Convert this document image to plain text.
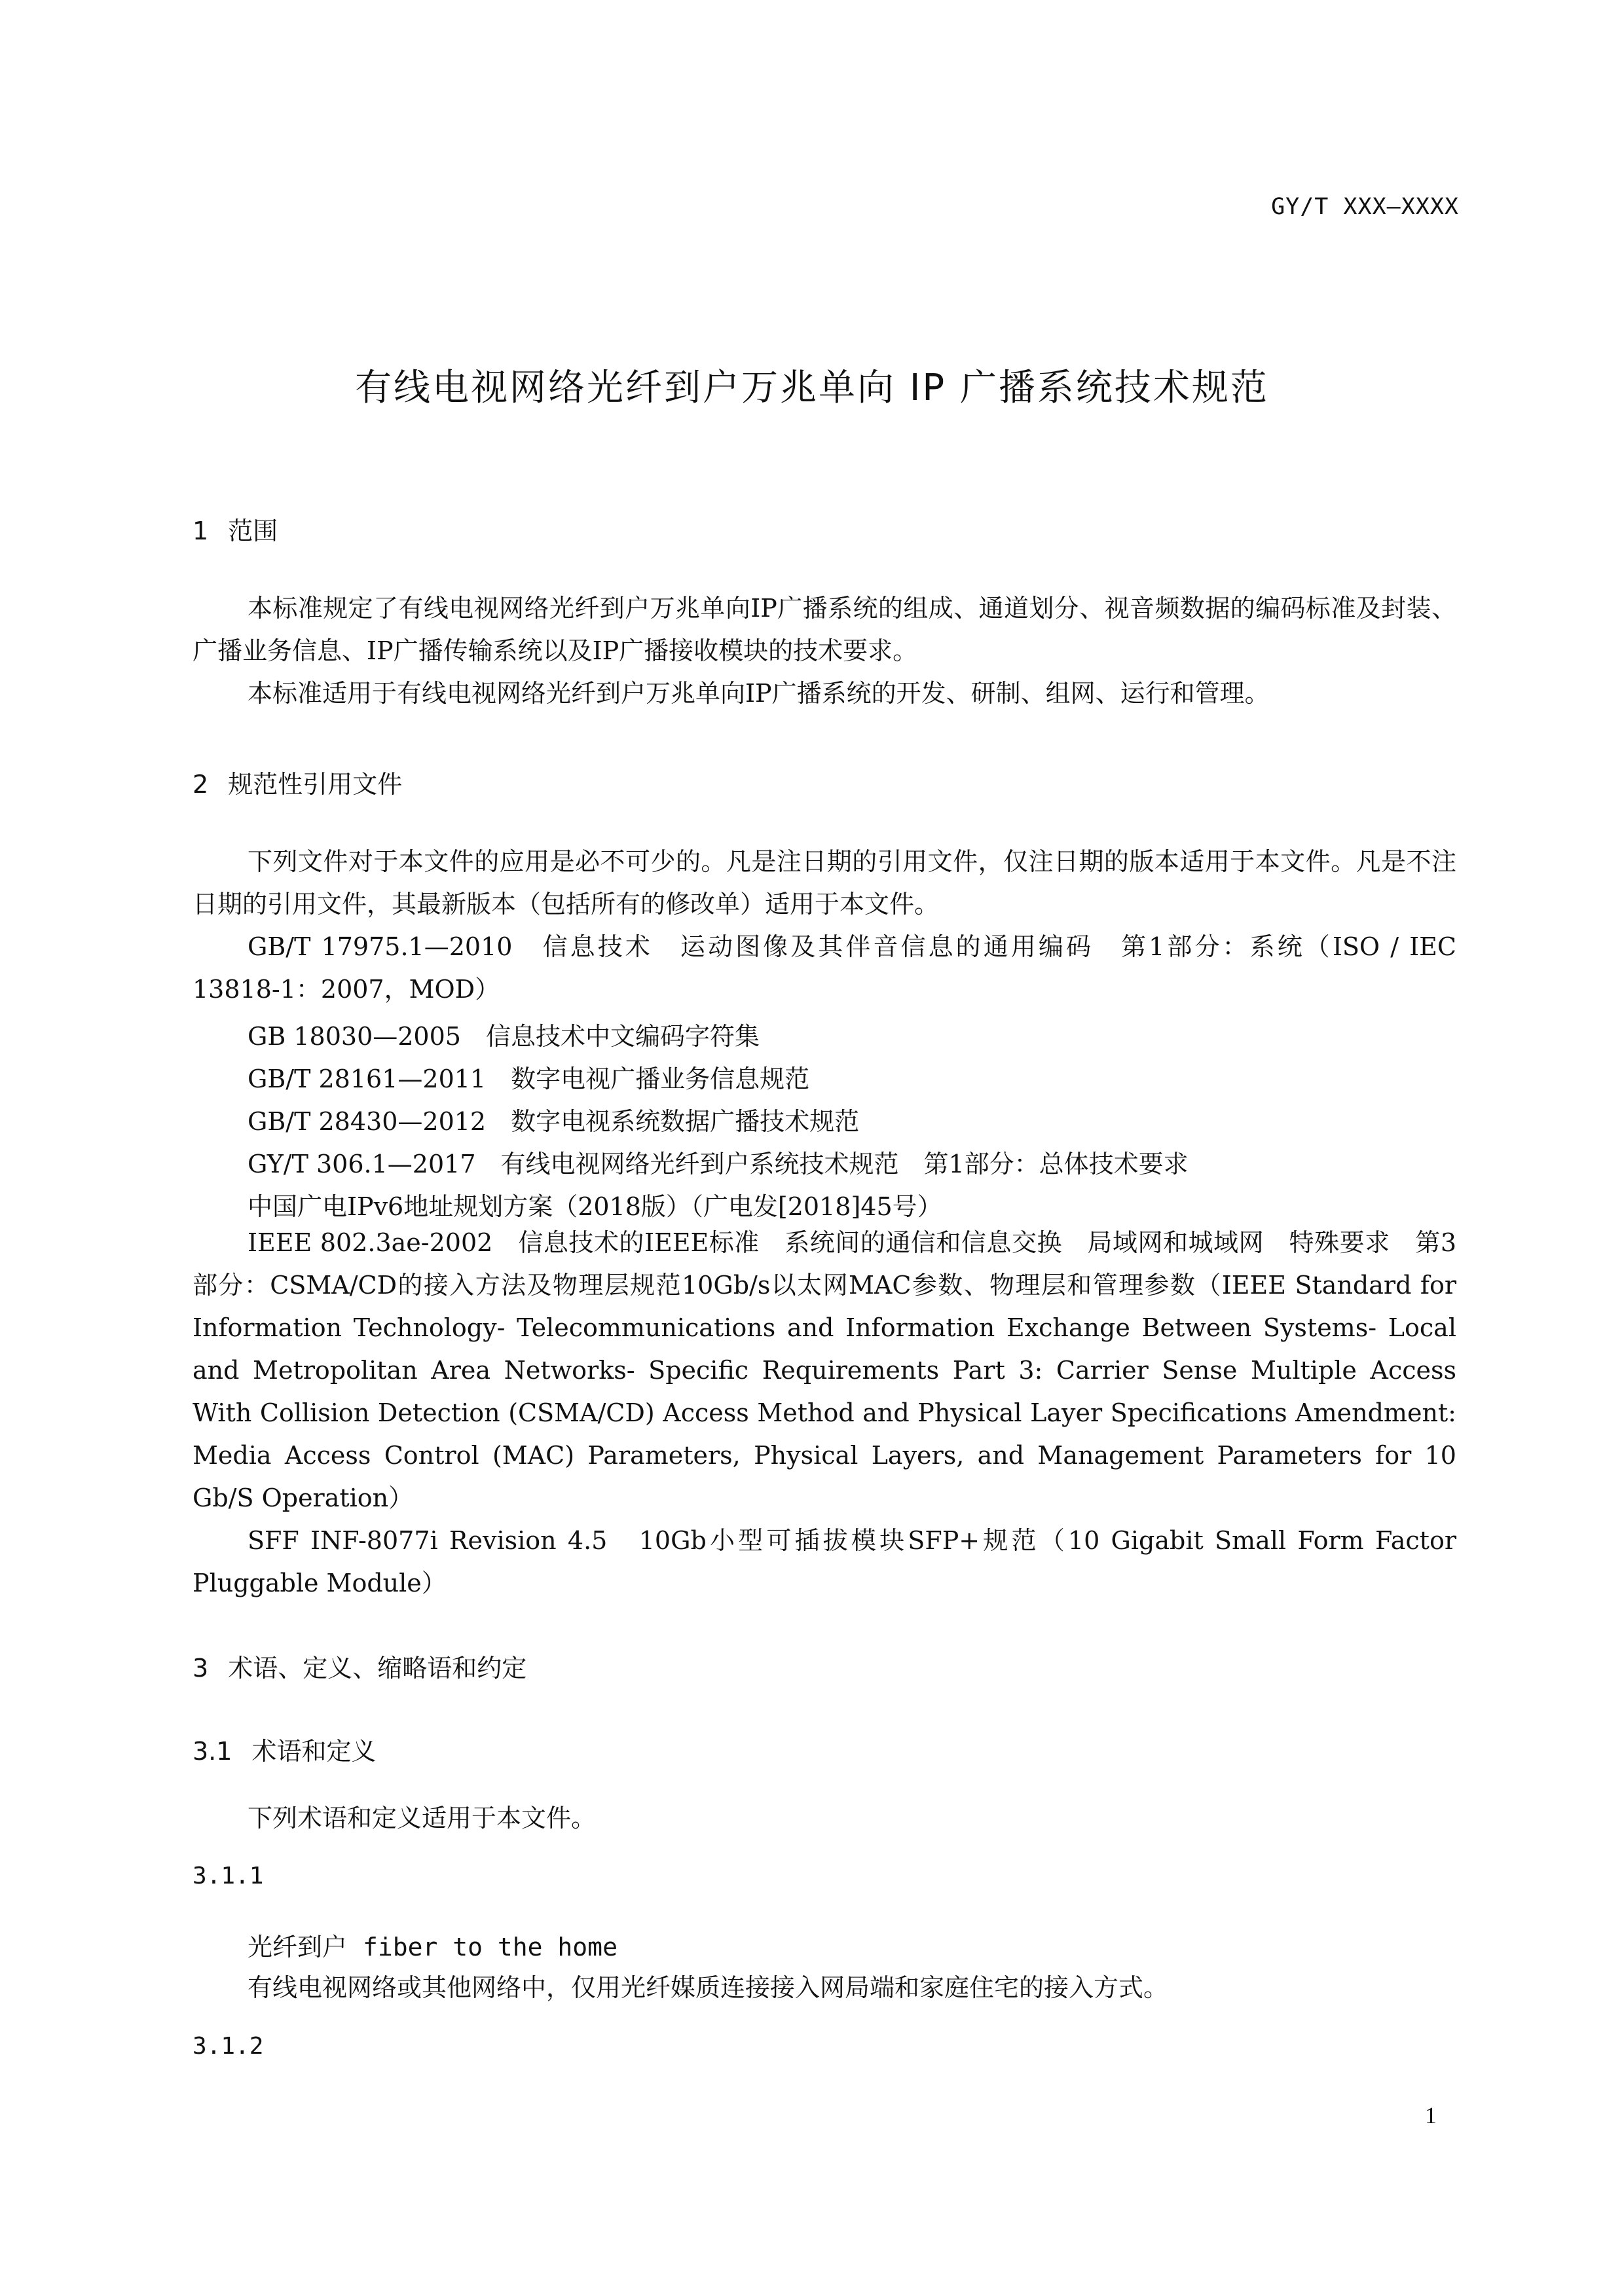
GY/T XXX—XXXX
有线电视网络光纤到户万兆单向 IP 广播系统技术规范
1 范围

本标准规定了有线电视网络光纤到户万兆单向IP广播系统的组成、通道划分、视音频数据的编码标准及封装、广播业务信息、IP广播传输系统以及IP广播接收模块的技术要求。

本标准适用于有线电视网络光纤到户万兆单向IP广播系统的开发、研制、组网、运行和管理。

2 规范性引用文件

下列文件对于本文件的应用是必不可少的。凡是注日期的引用文件，仅注日期的版本适用于本文件。凡是不注日期的引用文件，其最新版本（包括所有的修改单）适用于本文件。

GB/T 17975.1—2010　信息技术　运动图像及其伴音信息的通用编码　第1部分：系统（ISO / IEC 13818-1：2007，MOD）

GB 18030—2005　信息技术中文编码字符集

GB/T 28161—2011　数字电视广播业务信息规范

GB/T 28430—2012　数字电视系统数据广播技术规范

GY/T 306.1—2017　有线电视网络光纤到户系统技术规范　第1部分：总体技术要求

中国广电IPv6地址规划方案（2018版）（广电发[2018]45号）

IEEE 802.3ae-2002　信息技术的IEEE标准　系统间的通信和信息交换　局域网和城域网　特殊要求　第3部分：CSMA/CD的接入方法及物理层规范10Gb/s以太网MAC参数、物理层和管理参数（IEEE Standard for Information Technology- Telecommunications and Information Exchange Between Systems- Local and Metropolitan Area Networks- Specific Requirements Part 3: Carrier Sense Multiple Access With Collision Detection (CSMA/CD) Access Method and Physical Layer Specifications Amendment: Media Access Control (MAC) Parameters, Physical Layers, and Management Parameters for 10 Gb/S Operation）

SFF INF-8077i Revision 4.5　10Gb小型可插拔模块SFP+规范（10 Gigabit Small Form Factor Pluggable Module）

3 术语、定义、缩略语和约定
3.1 术语和定义

下列术语和定义适用于本文件。

3.1.1

光纤到户 fiber to the home

有线电视网络或其他网络中，仅用光纤媒质连接接入网局端和家庭住宅的接入方式。

3.1.2
1
